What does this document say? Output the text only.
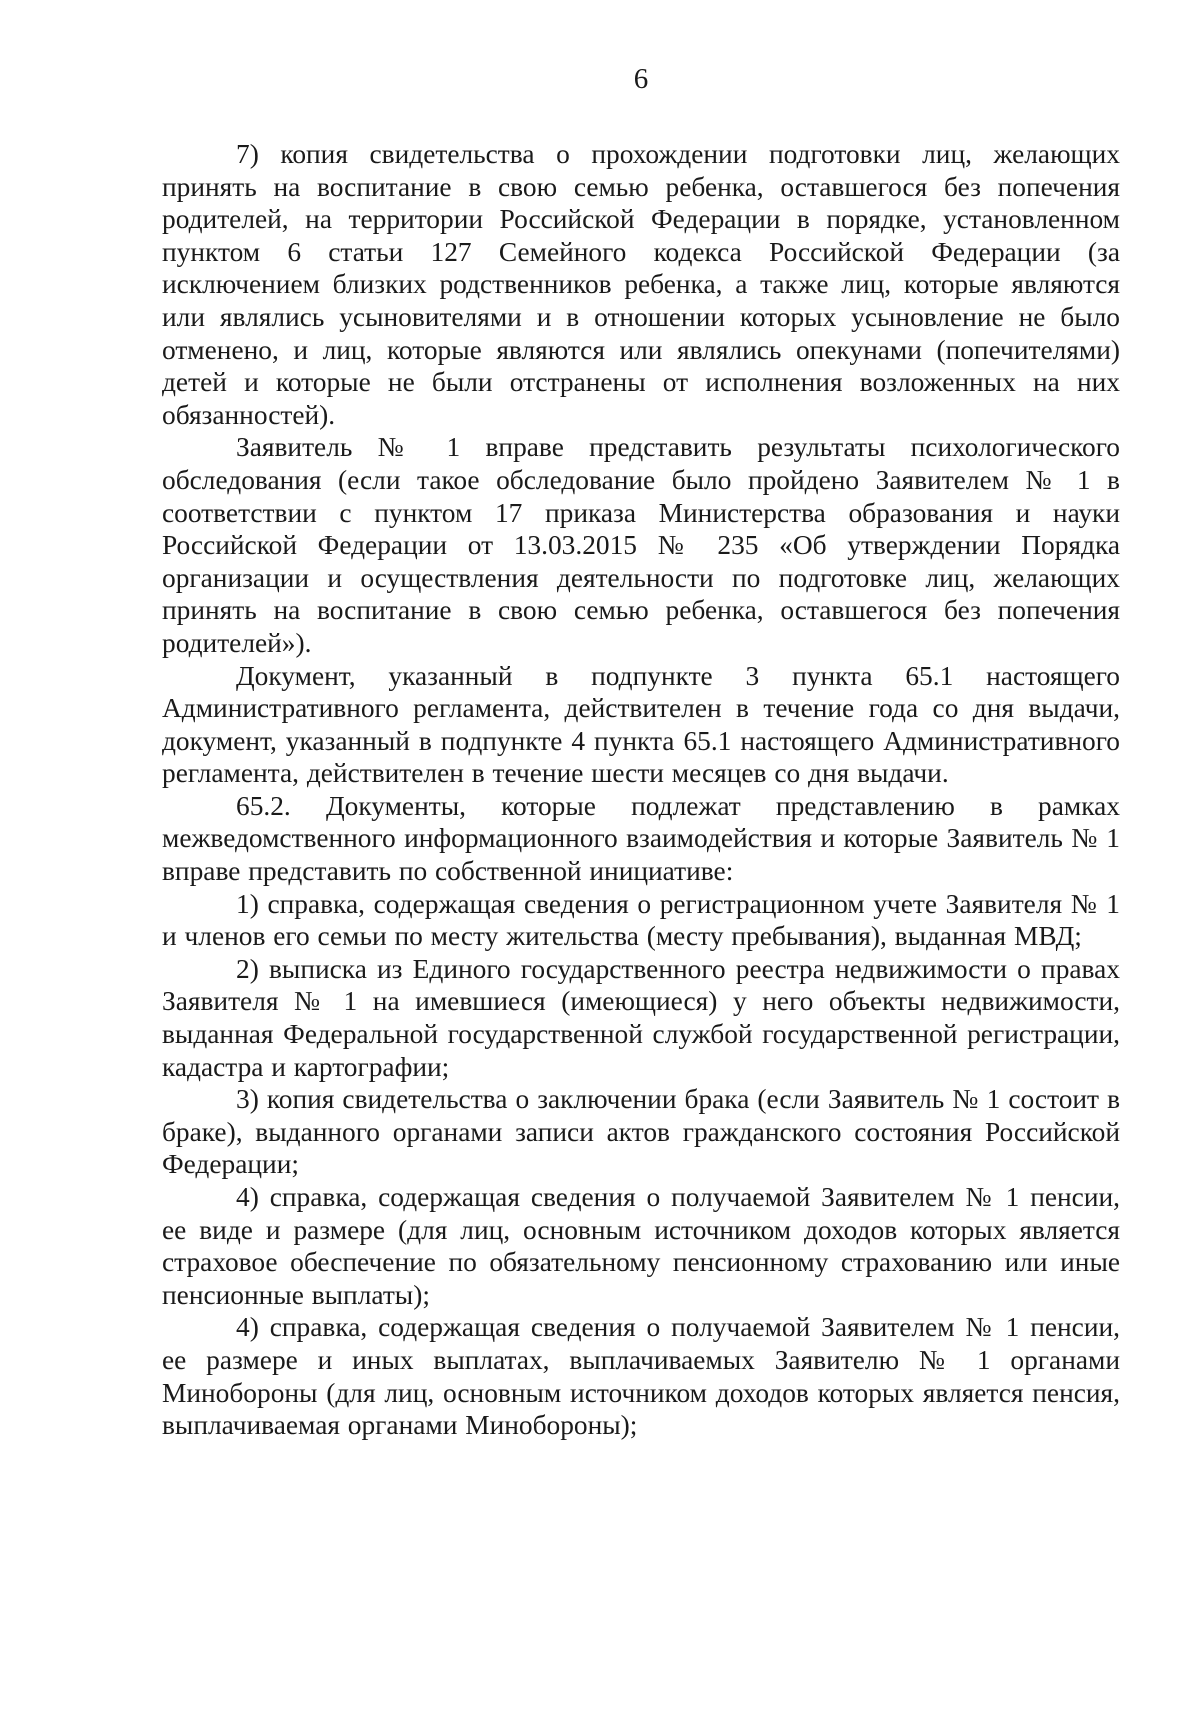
6

7) копия свидетельства о прохождении подготовки лиц, желающих принять на воспитание в свою семью ребенка, оставшегося без попечения родителей, на территории Российской Федерации в порядке, установленном пунктом 6 статьи 127 Семейного кодекса Российской Федерации (за исключением близких родственников ребенка, а также лиц, которые являются или являлись усыновителями и в отношении которых усыновление не было отменено, и лиц, которые являются или являлись опекунами (попечителями) детей и которые не были отстранены от исполнения возложенных на них обязанностей).

Заявитель № 1 вправе представить результаты психологического обследования (если такое обследование было пройдено Заявителем № 1 в соответствии с пунктом 17 приказа Министерства образования и науки Российской Федерации от 13.03.2015 № 235 «Об утверждении Порядка организации и осуществления деятельности по подготовке лиц, желающих принять на воспитание в свою семью ребенка, оставшегося без попечения родителей»).

Документ, указанный в подпункте 3 пункта 65.1 настоящего Административного регламента, действителен в течение года со дня выдачи, документ, указанный в подпункте 4 пункта 65.1 настоящего Административного регламента, действителен в течение шести месяцев со дня выдачи.

65.2. Документы, которые подлежат представлению в рамках межведомственного информационного взаимодействия и которые Заявитель № 1 вправе представить по собственной инициативе:

1) справка, содержащая сведения о регистрационном учете Заявителя № 1 и членов его семьи по месту жительства (месту пребывания), выданная МВД;

2) выписка из Единого государственного реестра недвижимости о правах Заявителя № 1 на имевшиеся (имеющиеся) у него объекты недвижимости, выданная Федеральной государственной службой государственной регистрации, кадастра и картографии;

3) копия свидетельства о заключении брака (если Заявитель № 1 состоит в браке), выданного органами записи актов гражданского состояния Российской Федерации;

4) справка, содержащая сведения о получаемой Заявителем № 1 пенсии, ее виде и размере (для лиц, основным источником доходов которых является страховое обеспечение по обязательному пенсионному страхованию или иные пенсионные выплаты);

4) справка, содержащая сведения о получаемой Заявителем № 1 пенсии, ее размере и иных выплатах, выплачиваемых Заявителю № 1 органами Минобороны (для лиц, основным источником доходов которых является пенсия, выплачиваемая органами Минобороны);
